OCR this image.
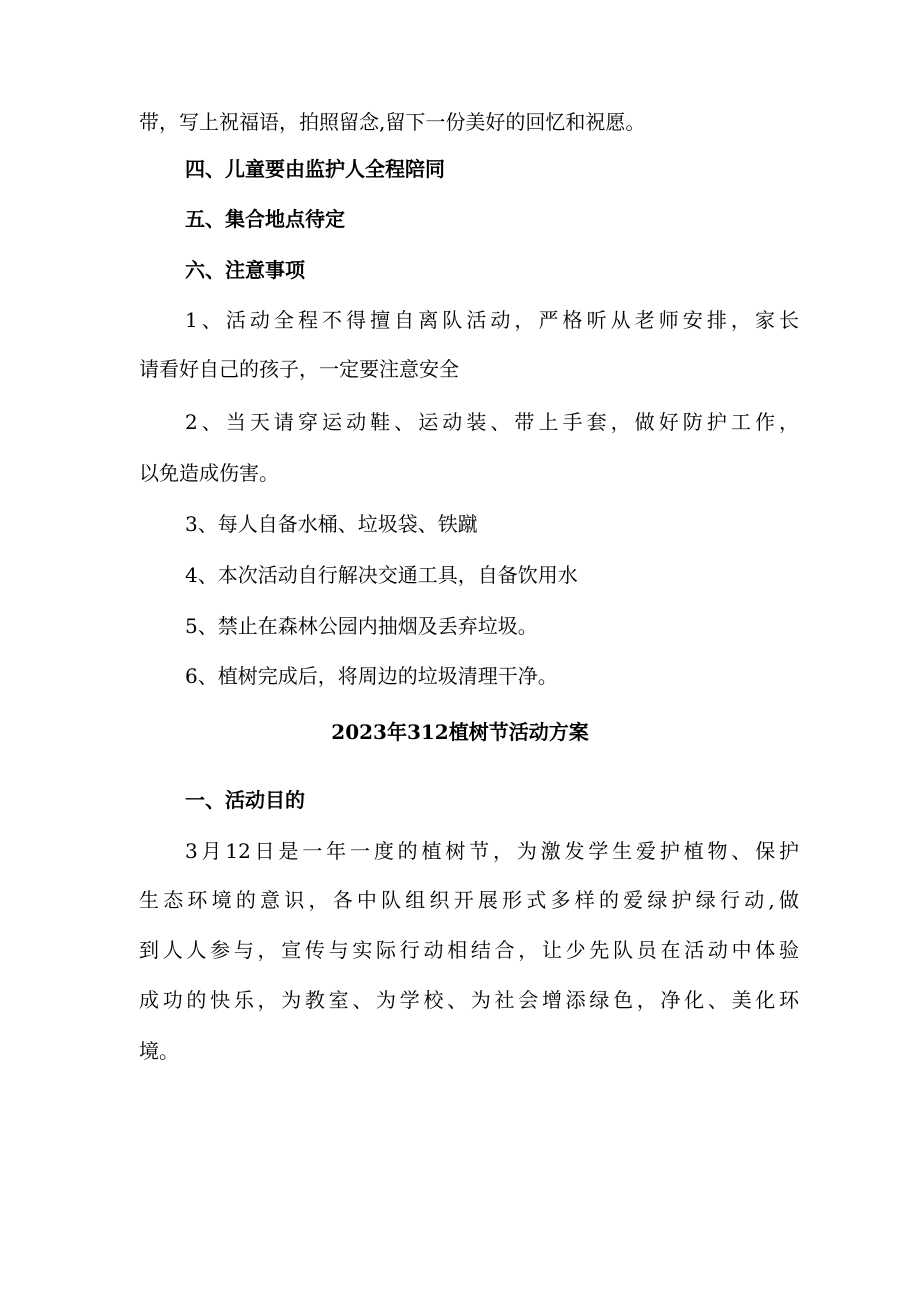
带，写上祝福语，拍照留念,留下一份美好的回忆和祝愿。
四、儿童要由监护人全程陪同
五、集合地点待定
六、注意事项
1、活动全程不得擅自离队活动，严格听从老师安排，家长
请看好自己的孩子，一定要注意安全
2、当天请穿运动鞋、运动装、带上手套，做好防护工作，
以免造成伤害。
3、每人自备水桶、垃圾袋、铁蹴
4、本次活动自行解决交通工具，自备饮用水
5、禁止在森林公园内抽烟及丢弃垃圾。
6、植树完成后，将周边的垃圾清理干净。
2023年312植树节活动方案
一、活动目的
3月12日是一年一度的植树节，为激发学生爱护植物、保护
生态环境的意识，各中队组织开展形式多样的爱绿护绿行动,做
到人人参与，宣传与实际行动相结合，让少先队员在活动中体验
成功的快乐，为教室、为学校、为社会增添绿色，净化、美化环
境。
